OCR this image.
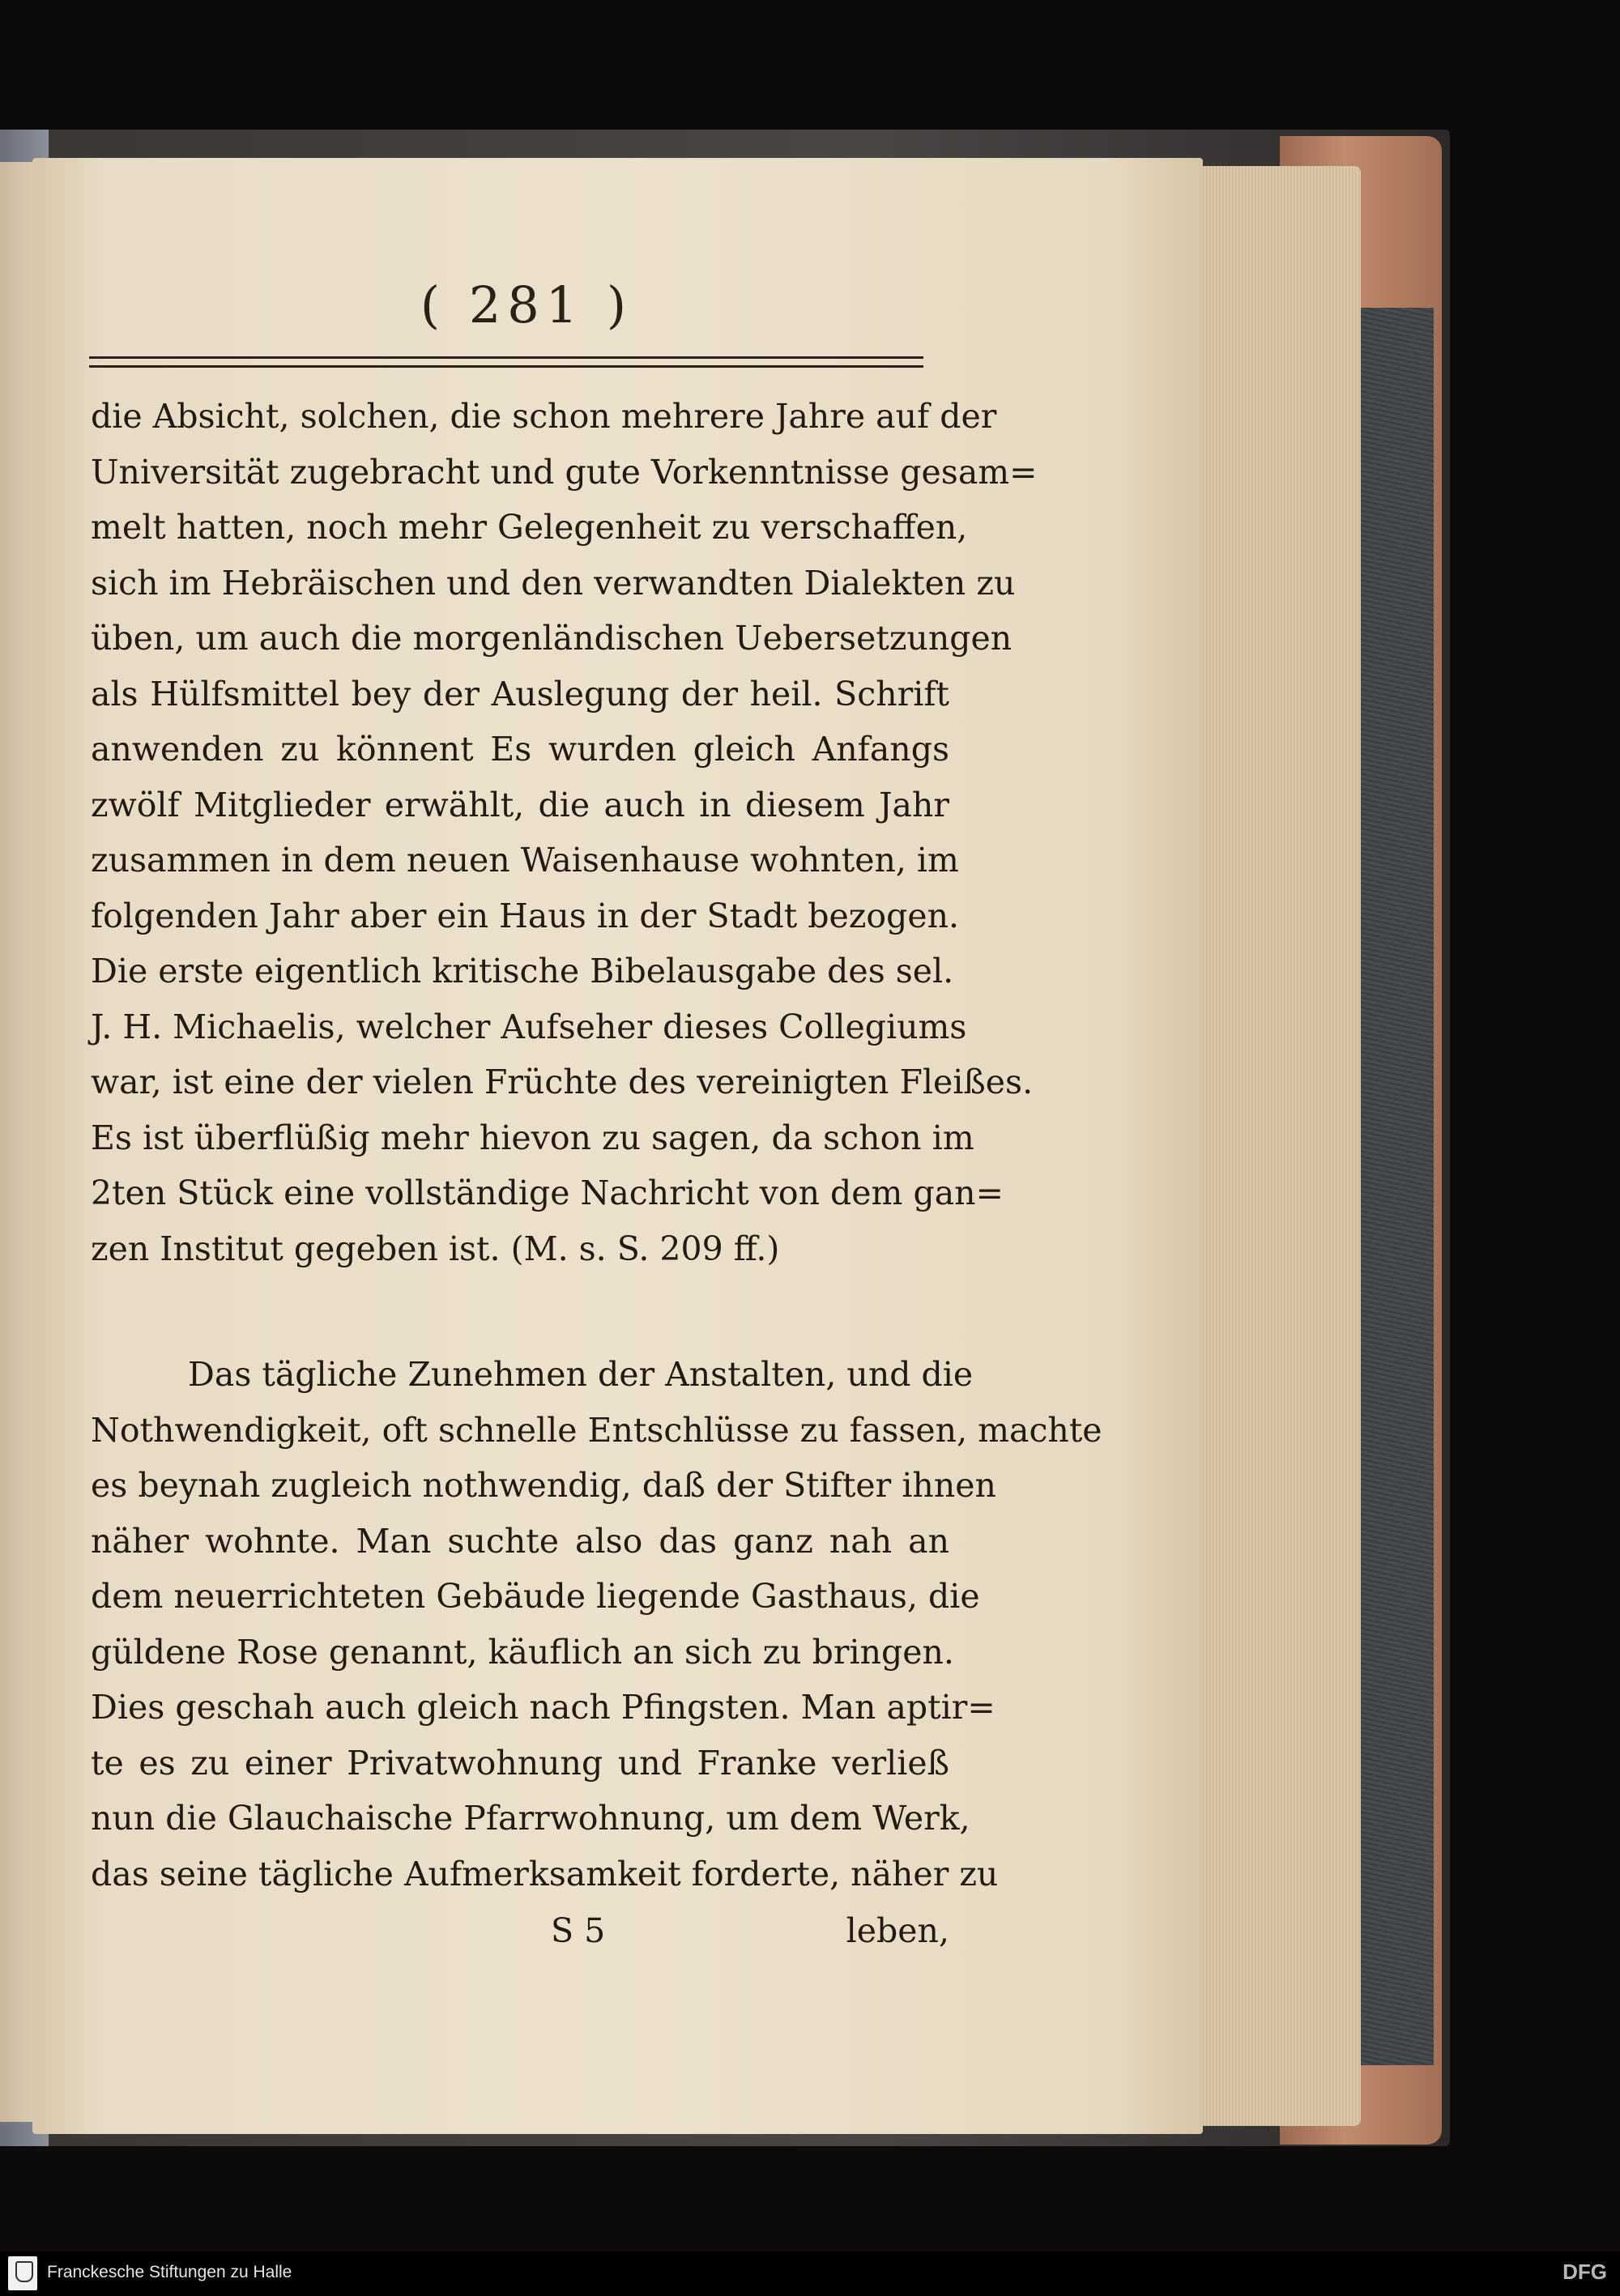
( 281 )
die Absicht, solchen, die schon mehrere Jahre auf der
Universität zugebracht und gute Vorkenntnisse gesam=
melt hatten, noch mehr Gelegenheit zu verschaffen,
sich im Hebräischen und den verwandten Dialekten zu
üben, um auch die morgenländischen Uebersetzungen
als Hülfsmittel bey der Auslegung der heil. Schrift
anwenden zu könnent Es wurden gleich Anfangs
zwölf Mitglieder erwählt, die auch in diesem Jahr
zusammen in dem neuen Waisenhause wohnten, im
folgenden Jahr aber ein Haus in der Stadt bezogen.
Die erste eigentlich kritische Bibelausgabe des sel.
J. H. Michaelis, welcher Aufseher dieses Collegiums
war, ist eine der vielen Früchte des vereinigten Fleißes.
Es ist überflüßig mehr hievon zu sagen, da schon im
2ten Stück eine vollständige Nachricht von dem gan=
zen Institut gegeben ist. (M. s. S. 209 ff.)
Das tägliche Zunehmen der Anstalten, und die
Nothwendigkeit, oft schnelle Entschlüsse zu fassen, machte
es beynah zugleich nothwendig, daß der Stifter ihnen
näher wohnte. Man suchte also das ganz nah an
dem neuerrichteten Gebäude liegende Gasthaus, die
güldene Rose genannt, käuflich an sich zu bringen.
Dies geschah auch gleich nach Pfingsten. Man aptir=
te es zu einer Privatwohnung und Franke verließ
nun die Glauchaische Pfarrwohnung, um dem Werk,
das seine tägliche Aufmerksamkeit forderte, näher zu
S 5	leben,
Franckesche Stiftungen zu Halle	DFG
